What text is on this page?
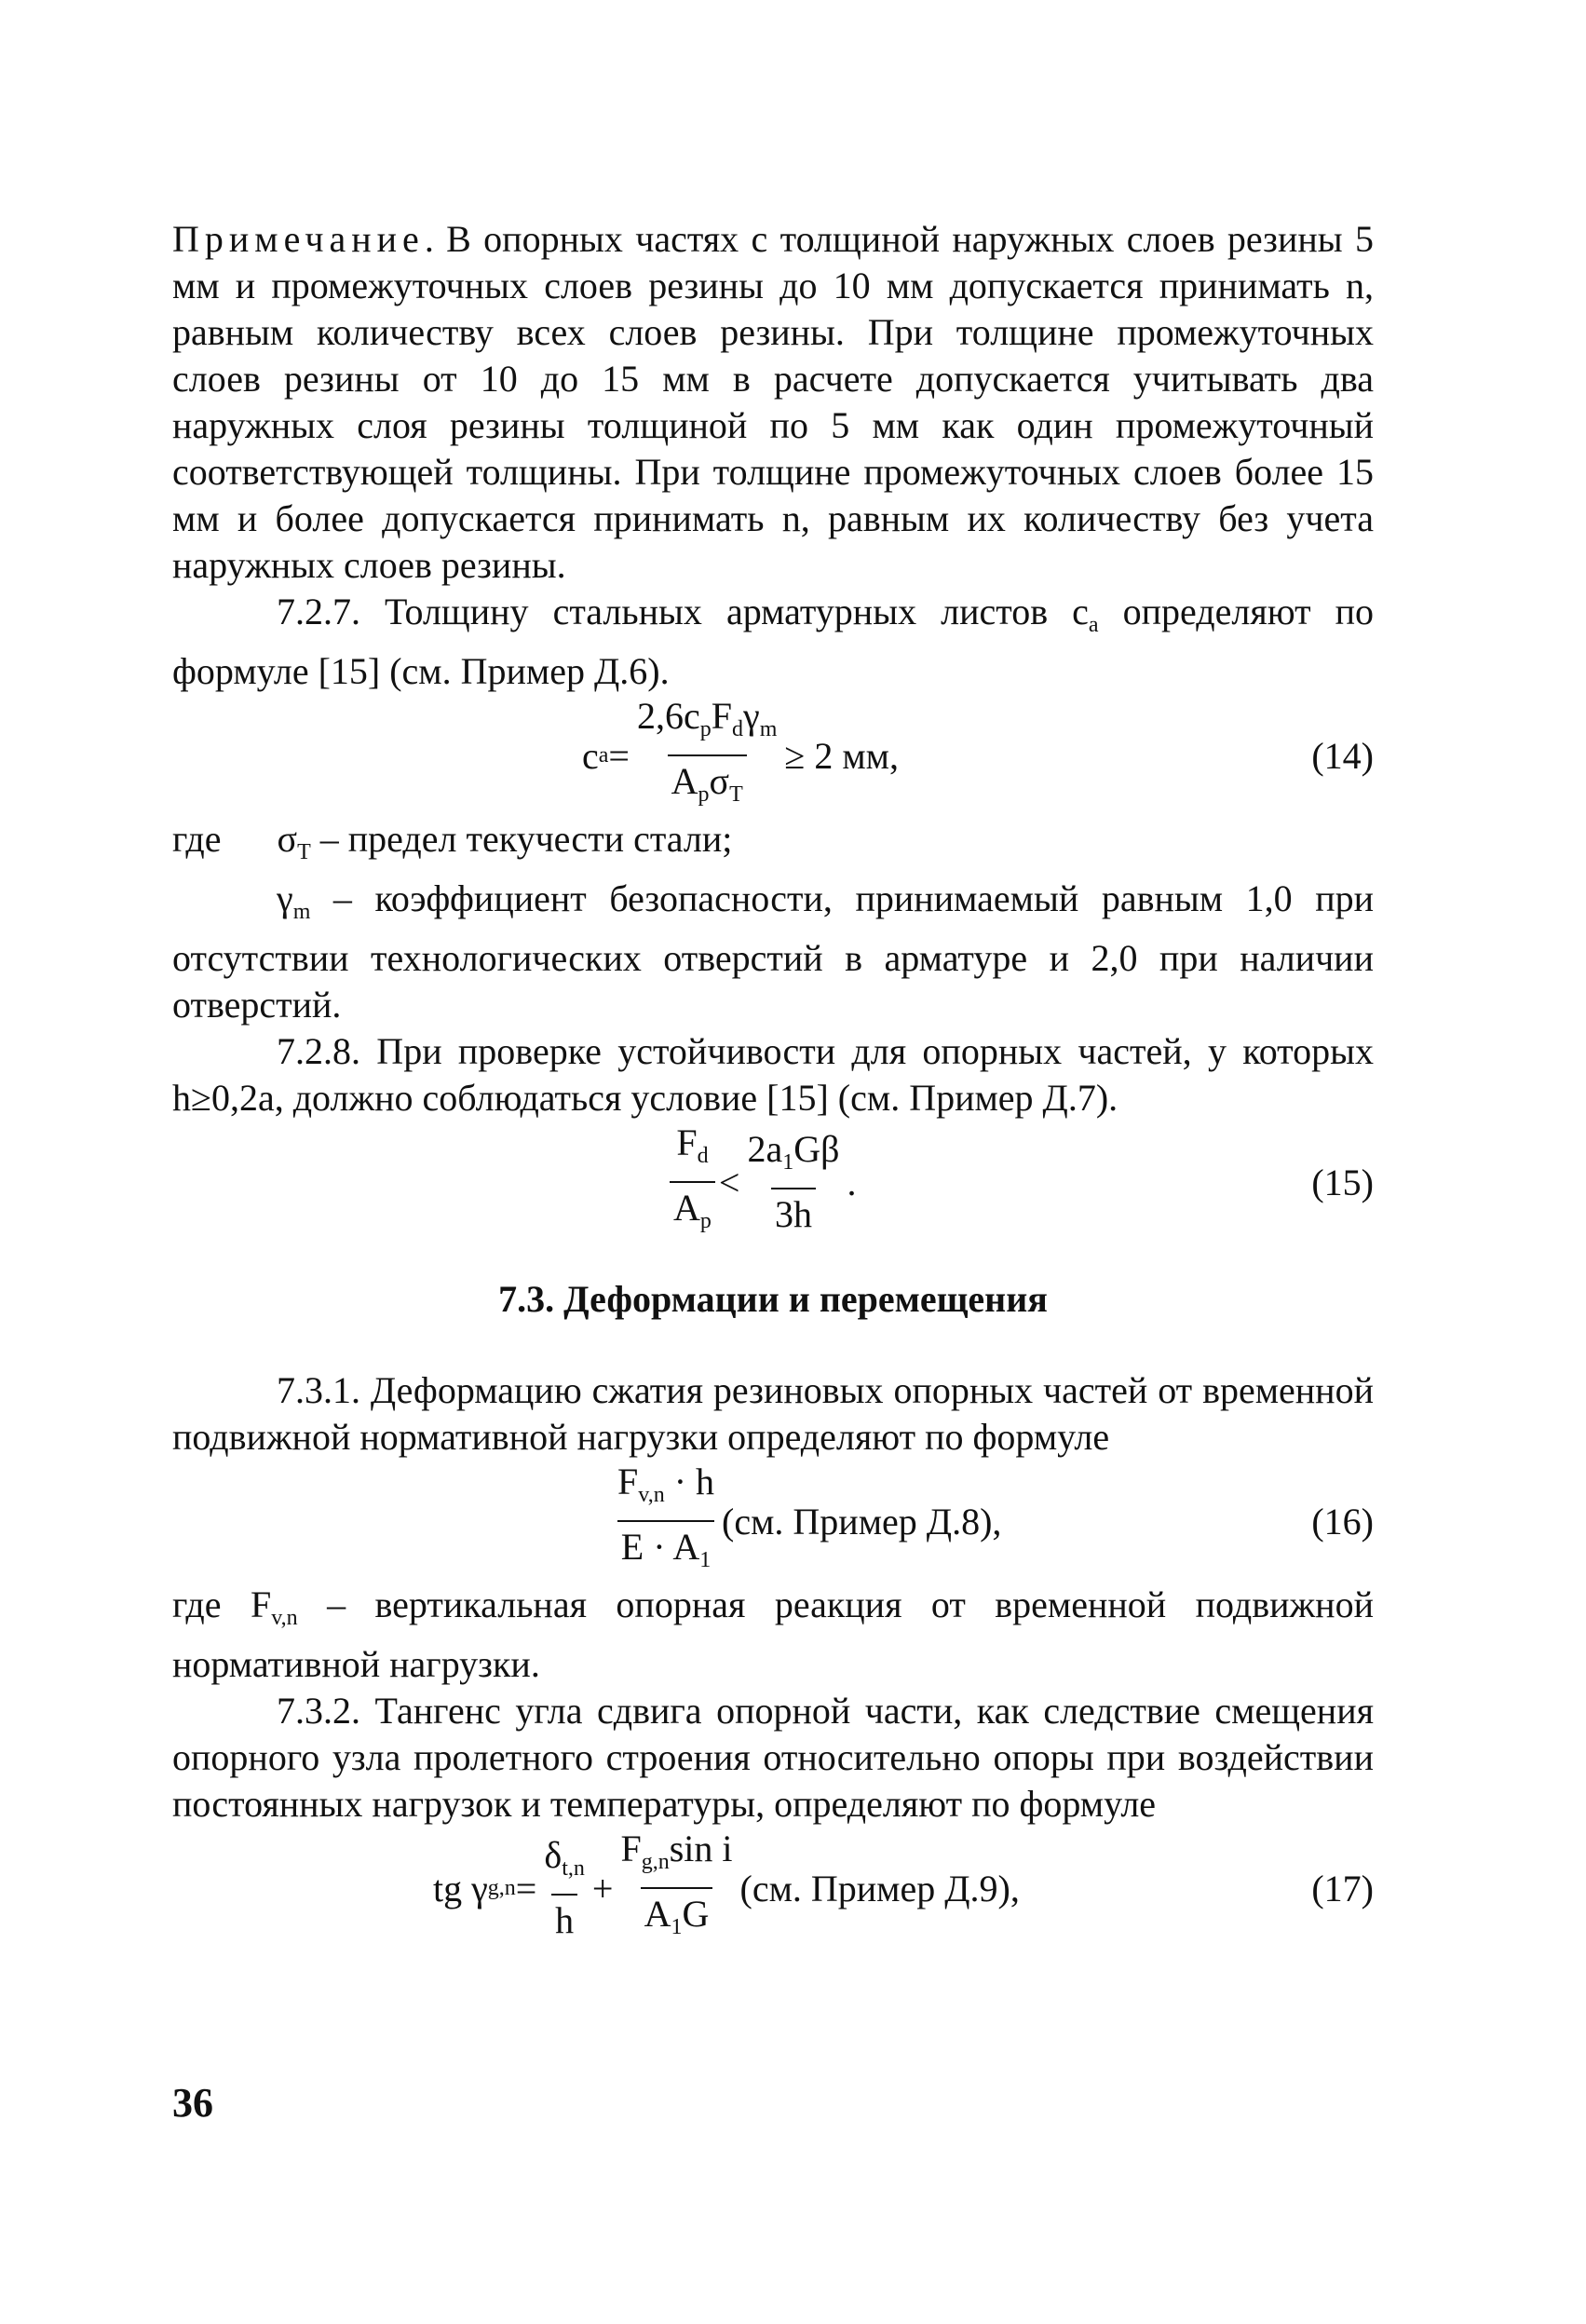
Примечание. В опорных частях с толщиной наружных слоев резины 5 мм и промежуточных слоев резины до 10 мм допускается принимать n, равным количеству всех слоев резины. При толщине промежуточных слоев резины от 10 до 15 мм в расчете допускается учитывать два наружных слоя резины толщиной по 5 мм как один промежуточный соответствующей толщины. При толщине промежуточных слоев более 15 мм и более допускается принимать n, равным их количеству без учета наружных слоев резины.

7.2.7. Толщину стальных арматурных листов $c_a$ определяют по формуле [15] (см. Пример Д.6).

c $a = \frac{2,6c_pF_d\gamma_m}{A_p\sigma_T} \ge 2$ мм,	(14)

где $\sigma_T$ – предел текучести стали;

$\gamma_m$ – коэффициент безопасности, принимаемый равным 1,0 при отсутствии технологических отверстий в арматуре и 2,0 при наличии отверстий.

7.2.8. При проверке устойчивости для опорных частей, у которых h≥0,2a, должно соблюдаться условие [15] (см. Пример Д.7).

$\frac{F_d}{A_p} < \frac{2a_1G\beta}{3h}$ .	(15)
7.3. Деформации и перемещения

7.3.1. Деформацию сжатия резиновых опорных частей от временной подвижной нормативной нагрузки определяют по формуле

$\frac{F_{v,n} \cdot h}{E \cdot A_1} (см$. Пример Д.8),	(16)

где $F_{v,n}$ – вертикальная опорная реакция от временной подвижной нормативной нагрузки.

7.3.2. Тангенс угла сдвига опорной части, как следствие смещения опорного узла пролетного строения относительно опоры при воздействии постоянных нагрузок и температуры, определяют по формуле

tg γ $g,n = \frac{\delta_{t,n}}{h} + \frac{F_{g,n}\sin i}{A_1G} (см$. Пример Д.9),	(17)
36
